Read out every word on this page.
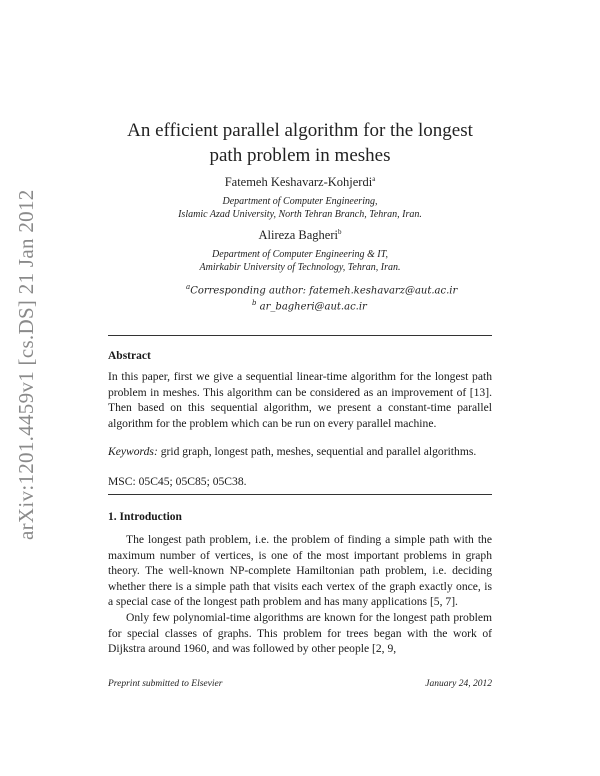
arXiv:1201.4459v1 [cs.DS] 21 Jan 2012
An efficient parallel algorithm for the longest path problem in meshes
Fatemeh Keshavarz-Kohjerdi$^a$
Department of Computer Engineering,
Islamic Azad University, North Tehran Branch, Tehran, Iran.
Alireza Bagheri$^b$
Department of Computer Engineering & IT,
Amirkabir University of Technology, Tehran, Iran.
$^a$Corresponding author: fatemeh.keshavarz@aut.ac.ir
$^b$ ar_bagheri@aut.ac.ir
Abstract
In this paper, first we give a sequential linear-time algorithm for the longest path problem in meshes. This algorithm can be considered as an improvement of [13]. Then based on this sequential algorithm, we present a constant-time parallel algorithm for the problem which can be run on every parallel machine.
Keywords: grid graph, longest path, meshes, sequential and parallel algorithms.
MSC: 05C45; 05C85; 05C38.
1. Introduction
The longest path problem, i.e. the problem of finding a simple path with the maximum number of vertices, is one of the most important problems in graph theory. The well-known NP-complete Hamiltonian path problem, i.e. deciding whether there is a simple path that visits each vertex of the graph exactly once, is a special case of the longest path problem and has many applications [5, 7].
Only few polynomial-time algorithms are known for the longest path problem for special classes of graphs. This problem for trees began with the work of Dijkstra around 1960, and was followed by other people [2, 9,
Preprint submitted to Elsevier	January 24, 2012
